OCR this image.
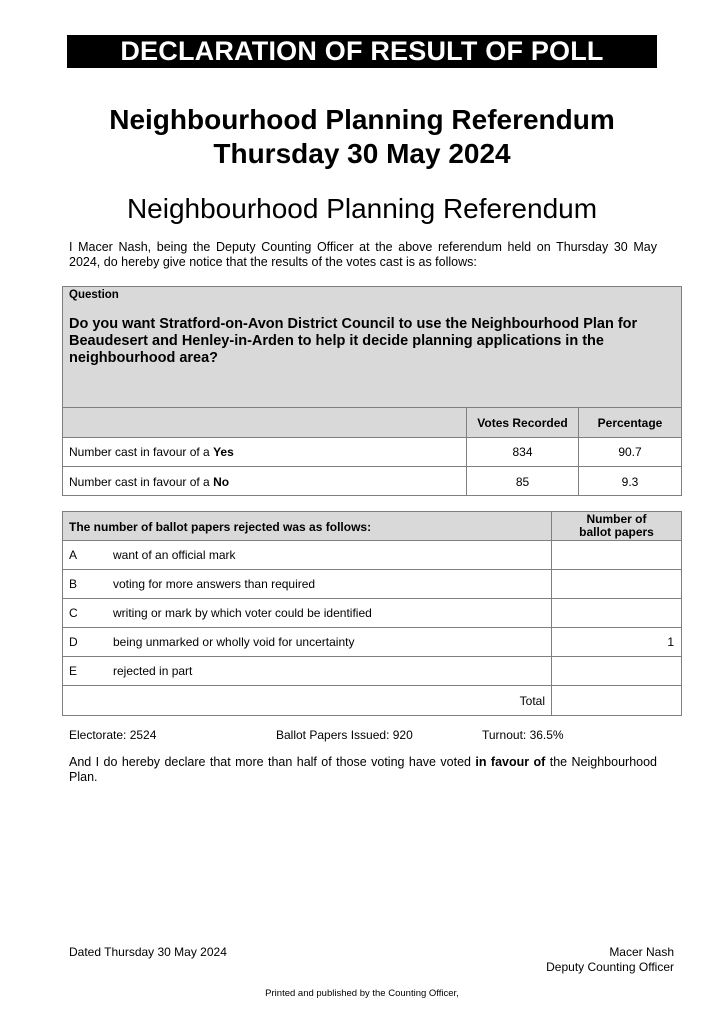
DECLARATION OF RESULT OF POLL
Neighbourhood Planning Referendum
Thursday 30 May 2024
Neighbourhood Planning Referendum
I Macer Nash, being the Deputy Counting Officer at the above referendum held on Thursday 30 May 2024, do hereby give notice that the results of the votes cast is as follows:
Question
Do you want Stratford-on-Avon District Council to use the Neighbourhood Plan for Beaudesert and Henley-in-Arden to help it decide planning applications in the neighbourhood area?
Votes Recorded	Percentage
Number cast in favour of a Yes	834	90.7
Number cast in favour of a No	85	9.3
The number of ballot papers rejected was as follows:
Number of
ballot papers
A	want of an official mark
B	voting for more answers than required
C	writing or mark by which voter could be identified
D	being unmarked or wholly void for uncertainty	1
E	rejected in part
Total
Electorate: 2524	Ballot Papers Issued: 920	Turnout: 36.5%
And I do hereby declare that more than half of those voting have voted in favour of the Neighbourhood Plan.
Dated Thursday 30 May 2024	Macer Nash
Deputy Counting Officer
Printed and published by the Counting Officer,
